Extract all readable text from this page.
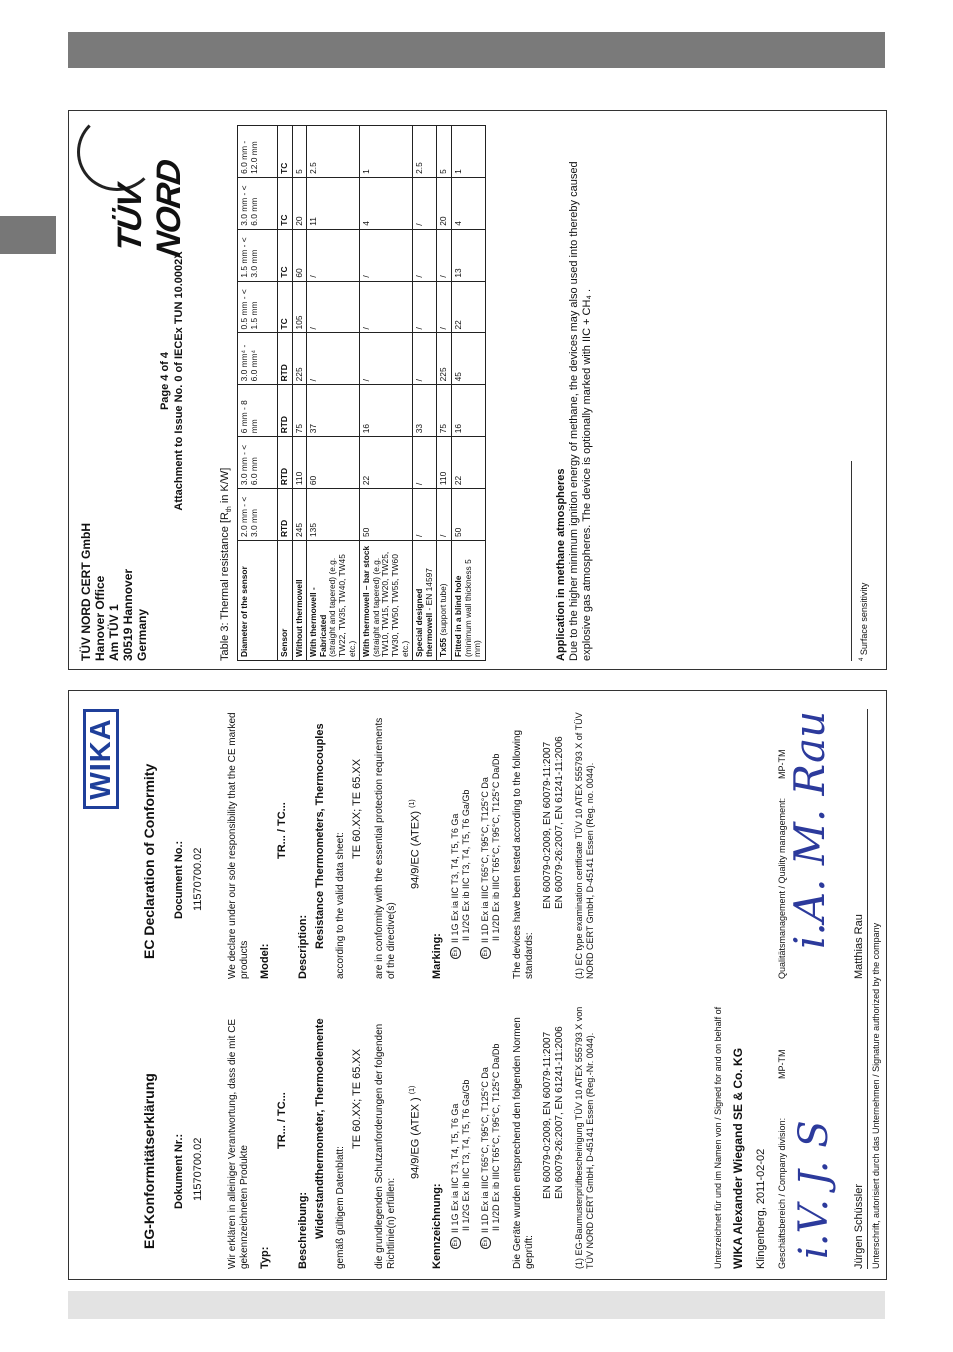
TÜV NORD CERT GmbH Hanover Office Am TÜV 1 30519 Hannover Germany
Page 4 of 4 Attachment to Issue No. 0 of IECEx TUN 10.0002X
TÜV NORD
Table 3: Thermal resistance [$R_{th}$ in K/W]
Diameter of the sensor	2.0 mm - < 3.0 mm	3.0 mm - < 6.0 mm	6 mm - 8 mm	3.0 mm⁴ - 6.0 mm⁴	0.5 mm - < 1.5 mm	1.5 mm - < 3.0 mm	3.0 mm - < 6.0 mm	6.0 mm - 12.0 mm
Sensor	RTD	RTD	RTD	RTD	TC	TC	TC	TC
Without thermowell	245	110	75	225	105	60	20	5

With thermowell - Fabricated (straight and tapered) (e.g. TW22, TW35, TW40, TW45 etc.)	135	60	37	/	/	/	11	2.5

With thermowell – bar stock (straight and tapered) (e.g. TW10, TW15, TW20, TW25, TW30, TW50, TW55, TW60 etc.)	50	22	16	/	/	/	4	1
Special designed thermowell - EN 14597	/	/	33	/	/	/	/	2.5
Tx55 (support tube)	/	110	75	225	/	/	20	5

Fitted in a blind hole (minimum wall thickness 5 mm)	50	22	16	45	22	13	4	1
Application in methane atmospheres Due to the higher minimum ignition energy of methane, the devices may also used into thereby caused explosive gas atmospheres. The device is optionally marked with IIC + CH₄ .	$^4$ Surface sensitivity
WIKA
EG-Konformitätserklärung Dokument Nr.: 11570700.02 Wir erklären in alleiniger Verantwortung, dass die mit CE gekennzeichneten Produkte Typ:
TR... / TC...
Beschreibung: Widerstandthermometer, Thermoelemente gemäß gültigem Datenblatt:
TE 60.XX; TE 65.XX die grundlegenden Schutzanforderungen der folgenden Richtlinie(n) erfüllen:
94/9/EG (ATEX ) $^{(1)}$
Kennzeichnung:	ExII 1G Ex ia IIC T3, T4, T5, T6 Ga II 1/2G Ex ib IIC T3, T4, T5, T6 Ga/Gb
ExII 1D Ex ia IIIC T65°C, T95°C, T125°C Da II 1/2D Ex ib IIIC T65°C, T95°C, T125°C Da/Db Die Geräte wurden entsprechend den folgenden Normen geprüft:
EN 60079-0:2009, EN 60079-11:2007 EN 60079-26:2007, EN 61241-11:2006 (1) EG-Baumusterprüfbescheinigung TÜV 10 ATEX 555793 X von TÜV NORD CERT GmbH, D-45141 Essen (Reg.-Nr. 0044).
EC Declaration of Conformity Document No.: 11570700.02 We declare under our sole responsibility that the CE marked products Model:
TR... / TC...
Description: Resistance Thermometers, Thermocouples according to the valid data sheet:
TE 60.XX; TE 65.XX are in conformity with the essential protection requirements of the directive(s)
94/9/EC (ATEX) $^{(1)}$
Marking:	ExII 1G Ex ia IIC T3, T4, T5, T6 Ga II 1/2G Ex ib IIC T3, T4, T5, T6 Ga/Gb
ExII 1D Ex ia IIIC T65°C, T95°C, T125°C Da II 1/2D Ex ib IIIC T65°C, T95°C, T125°C Da/Db The devices have been tested according to the following standards:
EN 60079-0:2009, EN 60079-11:2007 EN 60079-26:2007, EN 61241-11:2006 (1) EC type examination certificate TÜV 10 ATEX 555793 X of TÜV NORD CERT GmbH, D-45141 Essen (Reg. no. 0044).
Unterzeichnet für und im Namen von / Signed for and on behalf of WIKA Alexander Wiegand SE & Co. KG Klingenberg, 2011-02-02 Geschäftsbereich / Company division:
MP-TM
Qualitätsmanagement / Quality management:
MP-TM
i.V. J. S
i.A. M. Rau
Jürgen Schüssler
Matthias Rau Unterschrift, autorisiert durch das Unternehmen / Signature authorized by the company
